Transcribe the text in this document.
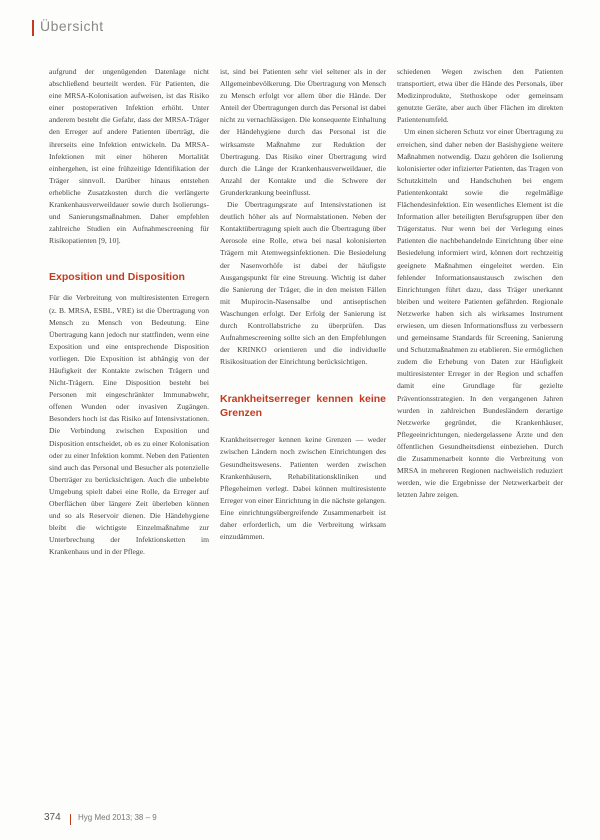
Übersicht

aufgrund der ungenügenden Datenlage nicht abschließend beurteilt werden. Für Patienten, die eine MRSA-Kolonisation aufweisen, ist das Risiko einer postoperativen Infektion erhöht. Unter anderem besteht die Gefahr, dass der MRSA-Träger den Erreger auf andere Patienten überträgt, die ihrerseits eine Infektion entwickeln. Da MRSA-Infektionen mit einer höheren Mortalität einhergehen, ist eine frühzeitige Identifikation der Träger sinnvoll. Darüber hinaus entstehen erhebliche Zusatzkosten durch die verlängerte Krankenhausverweildauer sowie durch Isolierungs- und Sanierungsmaßnahmen. Daher empfehlen zahlreiche Studien ein Aufnahmescreening für Risikopatienten [9, 10].

Exposition und Disposition

Für die Verbreitung von multiresistenten Erregern (z. B. MRSA, ESBL, VRE) ist die Übertragung von Mensch zu Mensch von Bedeutung. Eine Übertragung kann jedoch nur stattfinden, wenn eine Exposition und eine entsprechende Disposition vorliegen. Die Exposition ist abhängig von der Häufigkeit der Kontakte zwischen Trägern und Nicht-Trägern. Eine Disposition besteht bei Personen mit eingeschränkter Immunabwehr, offenen Wunden oder invasiven Zugängen. Besonders hoch ist das Risiko auf Intensivstationen. Die Verbindung zwischen Exposition und Disposition entscheidet, ob es zu einer Kolonisation oder zu einer Infektion kommt. Neben den Patienten sind auch das Personal und Besucher als potenzielle Überträger zu berücksichtigen. Auch die unbelebte Umgebung spielt dabei eine Rolle, da Erreger auf Oberflächen über längere Zeit überleben können und so als Reservoir dienen. Die Händehygiene bleibt die wichtigste Einzelmaßnahme zur Unterbrechung der Infektionsketten im Krankenhaus und in der Pflege.

ist, sind bei Patienten sehr viel seltener als in der Allgemeinbevölkerung. Die Übertragung von Mensch zu Mensch erfolgt vor allem über die Hände. Der Anteil der Übertragungen durch das Personal ist dabei nicht zu vernachlässigen. Die konsequente Einhaltung der Händehygiene durch das Personal ist die wirksamste Maßnahme zur Reduktion der Übertragung. Das Risiko einer Übertragung wird durch die Länge der Krankenhausverweildauer, die Anzahl der Kontakte und die Schwere der Grunderkrankung beeinflusst.

Die Übertragungsrate auf Intensivstationen ist deutlich höher als auf Normalstationen. Neben der Kontaktübertragung spielt auch die Übertragung über Aerosole eine Rolle, etwa bei nasal kolonisierten Trägern mit Atemwegsinfektionen. Die Besiedelung der Nasenvorhöfe ist dabei der häufigste Ausgangspunkt für eine Streuung. Wichtig ist daher die Sanierung der Träger, die in den meisten Fällen mit Mupirocin-Nasensalbe und antiseptischen Waschungen erfolgt. Der Erfolg der Sanierung ist durch Kontrollabstriche zu überprüfen. Das Aufnahmescreening sollte sich an den Empfehlungen der KRINKO orientieren und die individuelle Risikosituation der Einrichtung berücksichtigen.

Krankheitserreger kennen keine Grenzen

Krankheitserreger kennen keine Grenzen — weder zwischen Ländern noch zwischen Einrichtungen des Gesundheitswesens. Patienten werden zwischen Krankenhäusern, Rehabilitationskliniken und Pflegeheimen verlegt. Dabei können multiresistente Erreger von einer Einrichtung in die nächste gelangen. Eine einrichtungsübergreifende Zusammenarbeit ist daher erforderlich, um die Verbreitung wirksam einzudämmen.

schiedenen Wegen zwischen den Patienten transportiert, etwa über die Hände des Personals, über Medizinprodukte, Stethoskope oder gemeinsam genutzte Geräte, aber auch über Flächen im direkten Patientenumfeld.

Um einen sicheren Schutz vor einer Übertragung zu erreichen, sind daher neben der Basishygiene weitere Maßnahmen notwendig. Dazu gehören die Isolierung kolonisierter oder infizierter Patienten, das Tragen von Schutzkitteln und Handschuhen bei engem Patientenkontakt sowie die regelmäßige Flächendesinfektion. Ein wesentliches Element ist die Information aller beteiligten Berufsgruppen über den Trägerstatus. Nur wenn bei der Verlegung eines Patienten die nachbehandelnde Einrichtung über eine Besiedelung informiert wird, können dort rechtzeitig geeignete Maßnahmen eingeleitet werden. Ein fehlender Informationsaustausch zwischen den Einrichtungen führt dazu, dass Träger unerkannt bleiben und weitere Patienten gefährden. Regionale Netzwerke haben sich als wirksames Instrument erwiesen, um diesen Informationsfluss zu verbessern und gemeinsame Standards für Screening, Sanierung und Schutzmaßnahmen zu etablieren. Sie ermöglichen zudem die Erhebung von Daten zur Häufigkeit multiresistenter Erreger in der Region und schaffen damit eine Grundlage für gezielte Präventionsstrategien. In den vergangenen Jahren wurden in zahlreichen Bundesländern derartige Netzwerke gegründet, die Krankenhäuser, Pflegeeinrichtungen, niedergelassene Ärzte und den öffentlichen Gesundheitsdienst einbeziehen. Durch die Zusammenarbeit konnte die Verbreitung von MRSA in mehreren Regionen nachweislich reduziert werden, wie die Ergebnisse der Netzwerkarbeit der letzten Jahre zeigen.

374 Hyg Med 2013; 38 – 9
